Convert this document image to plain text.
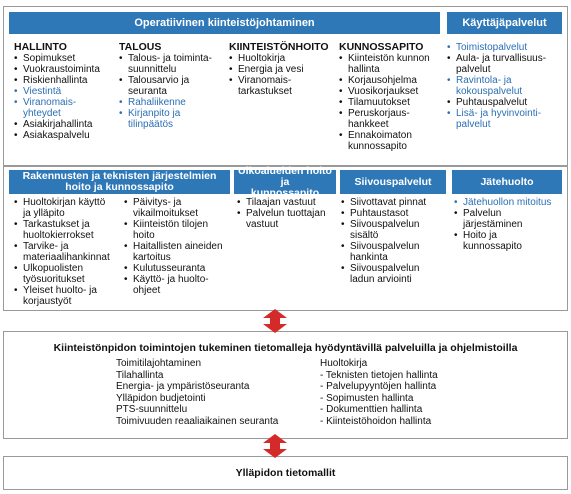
Operatiivinen kiinteistöjohtaminen	Käyttäjäpalvelut
HALLINTO
• Sopimukset
• Vuokraustoiminta
• Riskienhallinta
• Viestintä
• Viranomais-
yhteydet
• Asiakirjahallinta
• Asiakaspalvelu
TALOUS
• Talous- ja toiminta-
suunnittelu
• Talousarvio ja
seuranta
• Rahaliikenne
• Kirjanpito ja
tilinpäätös
KIINTEISTÖNHOITO
• Huoltokirja
• Energia ja vesi
• Viranomais-
tarkastukset
KUNNOSSAPITO
• Kiinteistön kunnon
hallinta
• Korjausohjelma
• Vuosikorjaukset
• Tilamuutokset
• Peruskorjaus-
hankkeet
• Ennakoimaton
kunnossapito
• Toimistopalvelut
• Aula- ja turvallisuus-
palvelut
• Ravintola- ja
kokouspalvelut
• Puhtauspalvelut
• Lisä- ja hyvinvointi-
palvelut
Rakennusten ja teknisten järjestelmien
hoito ja kunnossapito
Ulkoalueiden hoito ja
kunnossapito
Siivouspalvelut	Jätehuolto
• Huoltokirjan käyttö
ja ylläpito
• Tarkastukset ja
huoltokierrokset
• Tarvike- ja
materiaalihankinnat
• Ulkopuolisten
työsuoritukset
• Yleiset huolto- ja
korjaustyöt
• Päivitys- ja
vikailmoitukset
• Kiinteistön tilojen
hoito
• Haitallisten aineiden
kartoitus
• Kulutusseuranta
• Käyttö- ja huolto-
ohjeet
• Tilaajan vastuut
• Palvelun tuottajan
vastuut
• Siivottavat pinnat
• Puhtaustasot
• Siivouspalvelun
sisältö
• Siivouspalvelun
hankinta
• Siivouspalvelun
ladun arviointi
• Jätehuollon mitoitus
• Palvelun
järjestäminen
• Hoito ja
kunnossapito
Kiinteistönpidon toimintojen tukeminen tietomalleja hyödyntävillä palveluilla ja ohjelmistoilla
Toimitilajohtaminen
Tilahallinta
Energia- ja ympäristöseuranta
Ylläpidon budjetointi
PTS-suunnittelu
Toimivuuden reaaliaikainen seuranta
Huoltokirja
- Teknisten tietojen hallinta
- Palvelupyyntöjen hallinta
- Sopimusten hallinta
- Dokumenttien hallinta
- Kiinteistöhoidon hallinta
Ylläpidon tietomallit
